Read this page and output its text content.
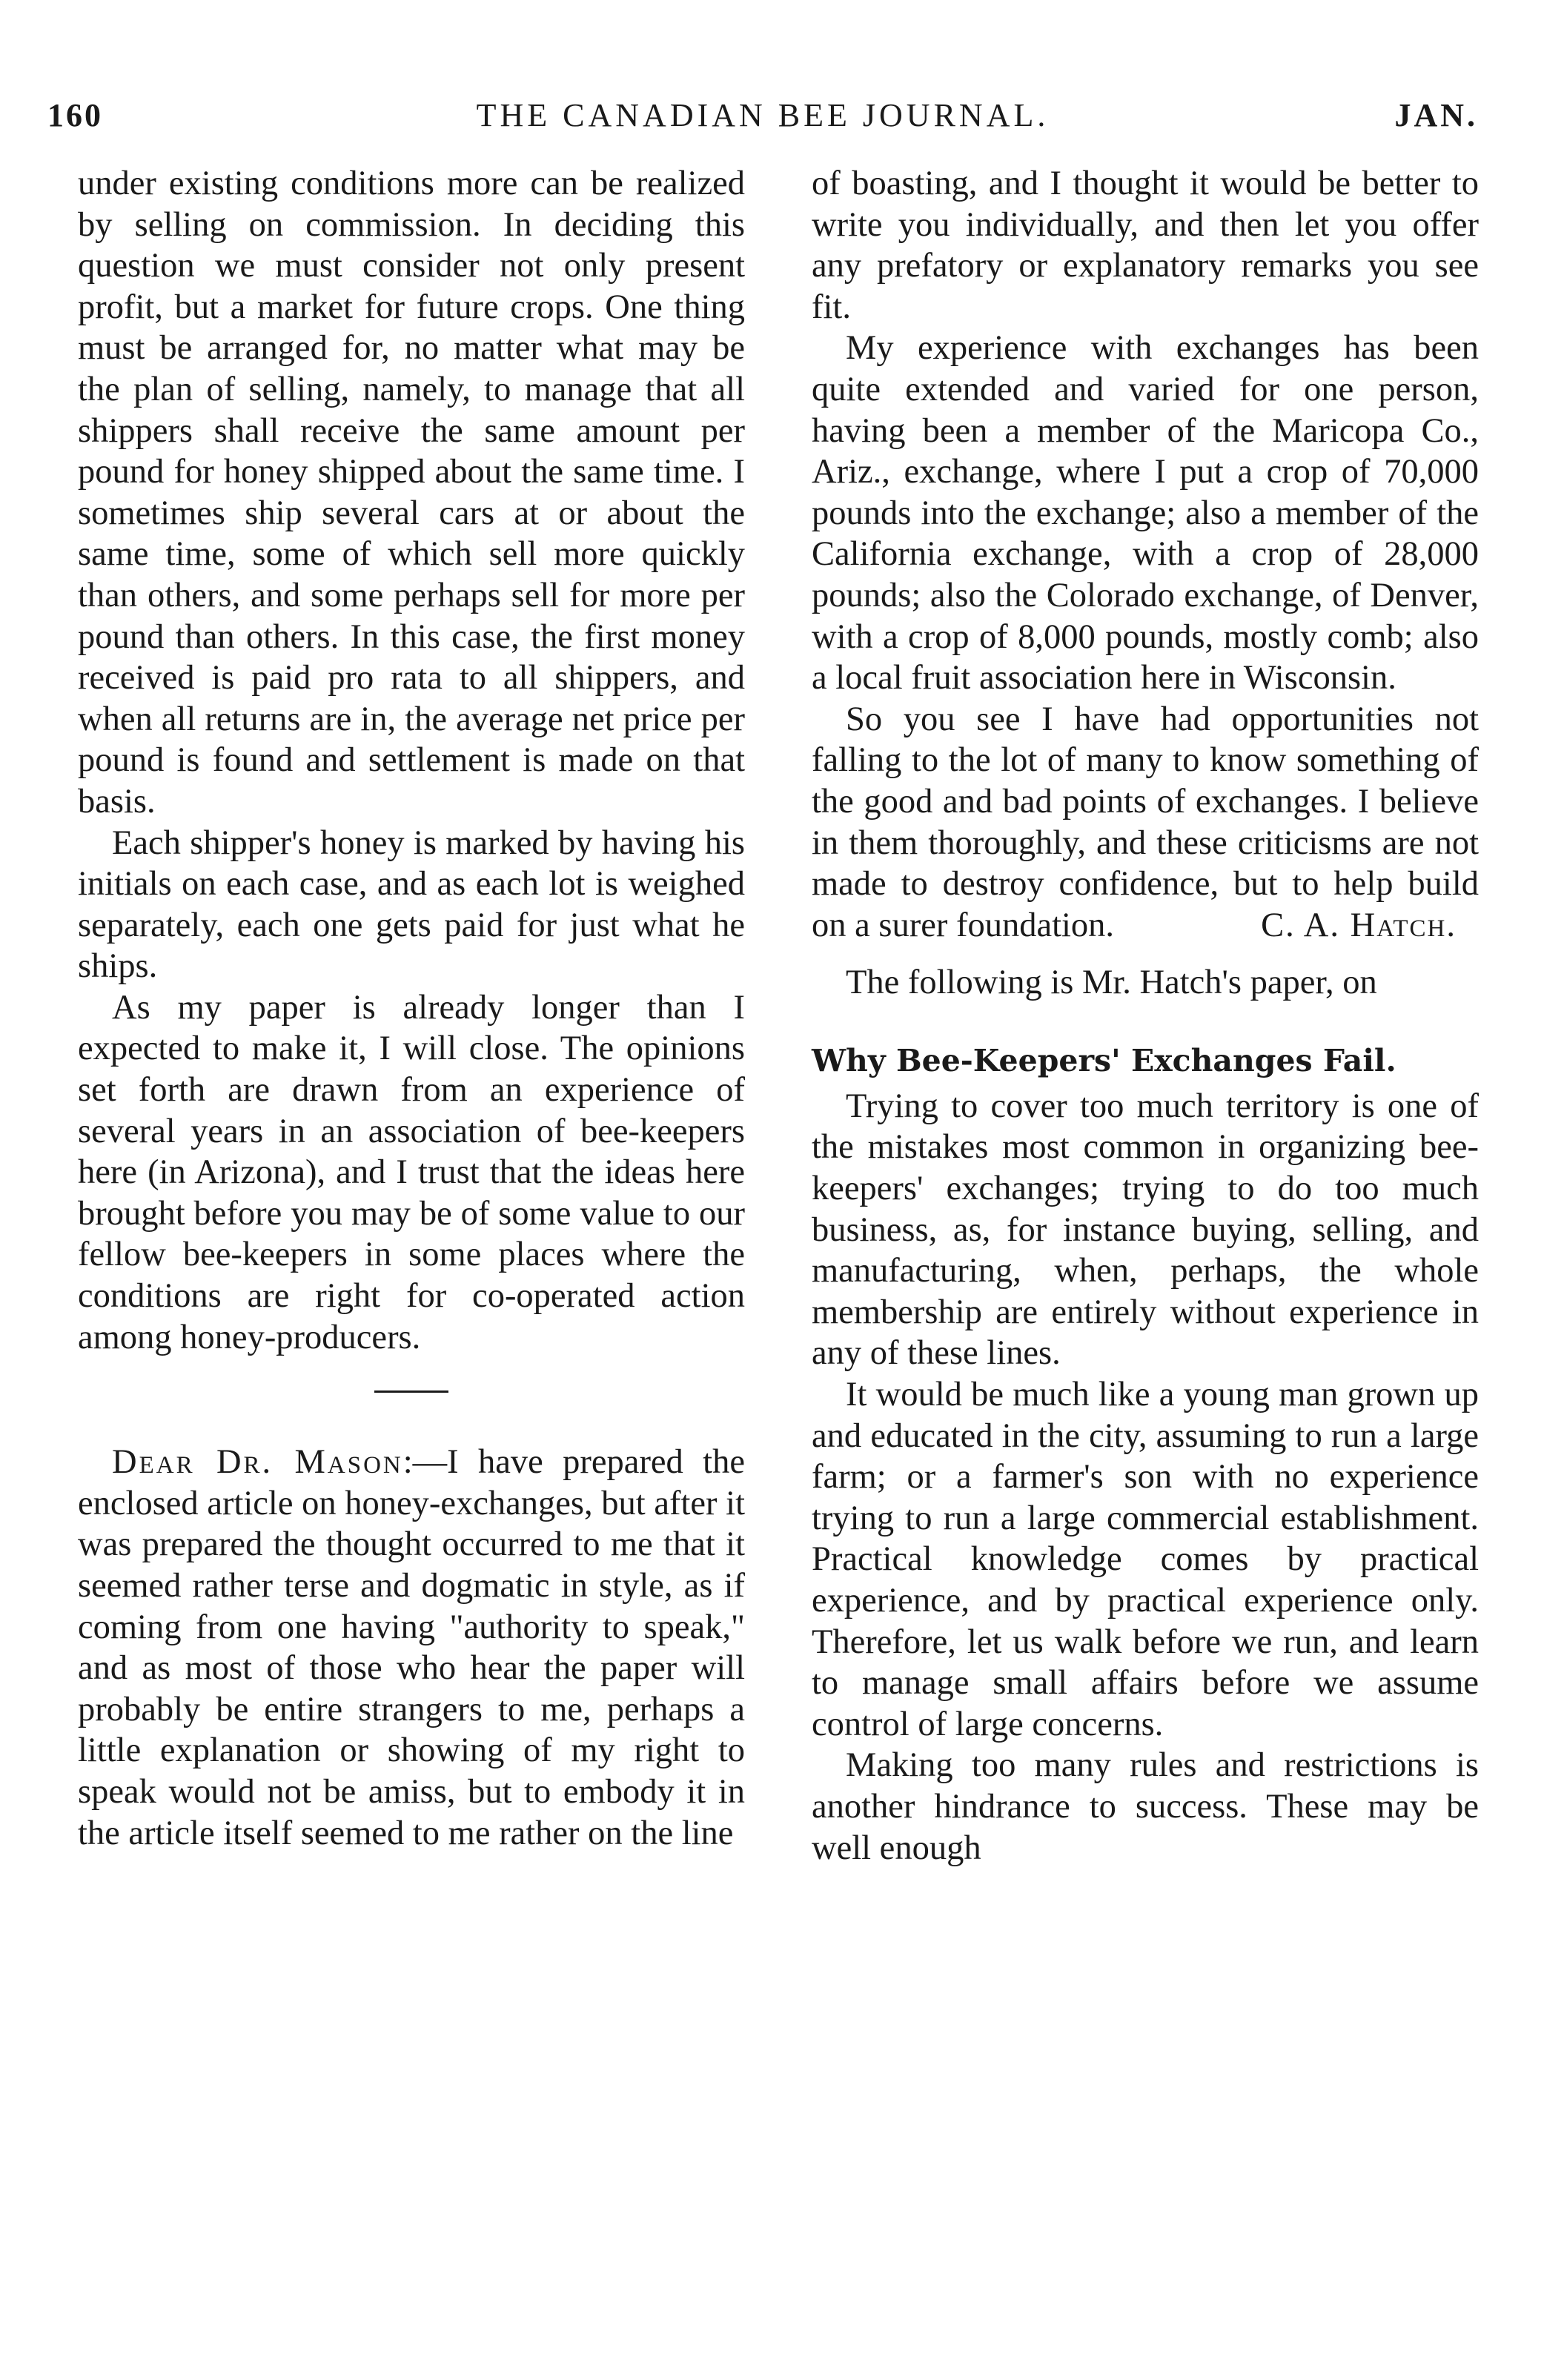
160	THE CANADIAN BEE JOURNAL.	JAN.

under existing conditions more can be realized by selling on commission. In deciding this question we must consider not only present profit, but a market for future crops. One thing must be arranged for, no matter what may be the plan of selling, namely, to manage that all shippers shall receive the same amount per pound for honey shipped about the same time. I sometimes ship several cars at or about the same time, some of which sell more quickly than others, and some perhaps sell for more per pound than others. In this case, the first money received is paid pro rata to all shippers, and when all returns are in, the average net price per pound is found and settlement is made on that basis.

Each shipper's honey is marked by having his initials on each case, and as each lot is weighed separately, each one gets paid for just what he ships.

As my paper is already longer than I expected to make it, I will close. The opinions set forth are drawn from an experience of several years in an association of bee-keepers here (in Arizona), and I trust that the ideas here brought before you may be of some value to our fellow bee-keepers in some places where the conditions are right for co-operated action among honey-producers.

Dear Dr. Mason:—I have prepared the enclosed article on honey-exchanges, but after it was prepared the thought occurred to me that it seemed rather terse and dogmatic in style, as if coming from one having "authority to speak," and as most of those who hear the paper will probably be entire strangers to me, perhaps a little explanation or showing of my right to speak would not be amiss, but to embody it in the article itself seemed to me rather on the line

of boasting, and I thought it would be better to write you individually, and then let you offer any prefatory or explanatory remarks you see fit.

My experience with exchanges has been quite extended and varied for one person, having been a member of the Maricopa Co., Ariz., exchange, where I put a crop of 70,000 pounds into the exchange; also a member of the California exchange, with a crop of 28,000 pounds; also the Colorado exchange, of Denver, with a crop of 8,000 pounds, mostly comb; also a local fruit association here in Wisconsin.

So you see I have had opportunities not falling to the lot of many to know something of the good and bad points of exchanges. I believe in them thoroughly, and these criticisms are not made to destroy confidence, but to help build on a surer foundation.	C. A. Hatch.

The following is Mr. Hatch's paper, on

Why Bee-Keepers' Exchanges Fail.

Trying to cover too much territory is one of the mistakes most common in organizing bee-keepers' exchanges; trying to do too much business, as, for instance buying, selling, and manufacturing, when, perhaps, the whole membership are entirely without experience in any of these lines.

It would be much like a young man grown up and educated in the city, assuming to run a large farm; or a farmer's son with no experience trying to run a large commercial establishment. Practical knowledge comes by practical experience, and by practical experience only. Therefore, let us walk before we run, and learn to manage small affairs before we assume control of large concerns.

Making too many rules and restrictions is another hindrance to success. These may be well enough
